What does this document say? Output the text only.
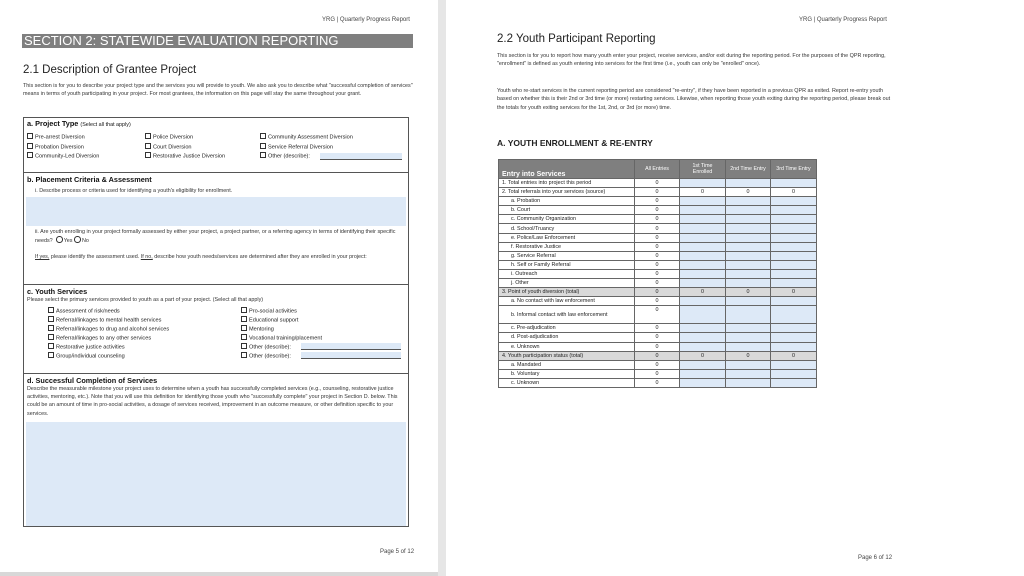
YRG | Quarterly Progress Report
SECTION 2: STATEWIDE EVALUATION REPORTING
2.1 Description of Grantee Project
This section is for you to describe your project type and the services you will provide to youth. We also ask you to describe what "successful completion of services" means in terms of youth participating in your project. For most grantees, the information on this page will stay the same throughout your grant.
a. Project Type (Select all that apply)
Pre-arrest Diversion
Probation Diversion
Community-Led Diversion
Police Diversion
Court Diversion
Restorative Justice Diversion
Community Assessment Diversion
Service Referral Diversion
Other (describe):
b. Placement Criteria & Assessment
i. Describe process or criteria used for identifying a youth's eligibility for enrollment.
ii. Are youth enrolling in your project formally assessed by either your project, a project partner, or a referring agency in terms of identifying their specific needs? Yes No
If yes, please identify the assessment used. If no, describe how youth needs/services are determined after they are enrolled in your project:
c. Youth Services
Please select the primary services provided to youth as a part of your project. (Select all that apply)
Assessment of risk/needs
Referral/linkages to mental health services
Referral/linkages to drug and alcohol services
Referral/linkages to any other services
Restorative justice activities
Group/individual counseling
Pro-social activities
Educational support
Mentoring
Vocational training/placement
Other (describe):
Other (describe):
d. Successful Completion of Services
Describe the measurable milestone your project uses to determine when a youth has successfully completed services (e.g., counseling, restorative justice activities, mentoring, etc.). Note that you will use this definition for identifying those youth who "successfully complete" your project in Section D. below. This could be an amount of time in pro-social activities, a dosage of services received, improvement in an outcome measure, or other definition specific to your services.
Page 5 of 12
YRG | Quarterly Progress Report
2.2 Youth Participant Reporting
This section is for you to report how many youth enter your project, receive services, and/or exit during the reporting period. For the purposes of the QPR reporting, "enrollment" is defined as youth entering into services for the first time (i.e., youth can only be "enrolled" once).
Youth who re-start services in the current reporting period are considered "re-entry", if they have been reported in a previous QPR as exited. Report re-entry youth based on whether this is their 2nd or 3rd time (or more) restarting services. Likewise, when reporting those youth exiting during the reporting period, please break out the totals for youth exiting services for the 1st, 2nd, or 3rd (or more) time.
A. YOUTH ENROLLMENT & RE-ENTRY
Entry into Services	All Entries	1st Time Enrolled	2nd Time Entry	3rd Time Entry
1. Total entries into project this period	0			
2. Total referrals into your services (source)	0	0	0	0
a. Probation	0			
b. Court	0			
c. Community Organization	0			
d. School/Truancy	0			
e. Police/Law Enforcement	0			
f. Restorative Justice	0			
g. Service Referral	0			
h. Self or Family Referral	0			
i. Outreach	0			
j. Other	0			
3. Point of youth diversion (total)	0	0	0	0
a. No contact with law enforcement	0			
b. Informal contact with law enforcement	0			
c. Pre-adjudication	0			
d. Post-adjudication	0			
e. Unknown	0			
4. Youth participation status (total)	0	0	0	0
a. Mandated	0			
b. Voluntary	0			
c. Unknown	0			
Page 6 of 12
